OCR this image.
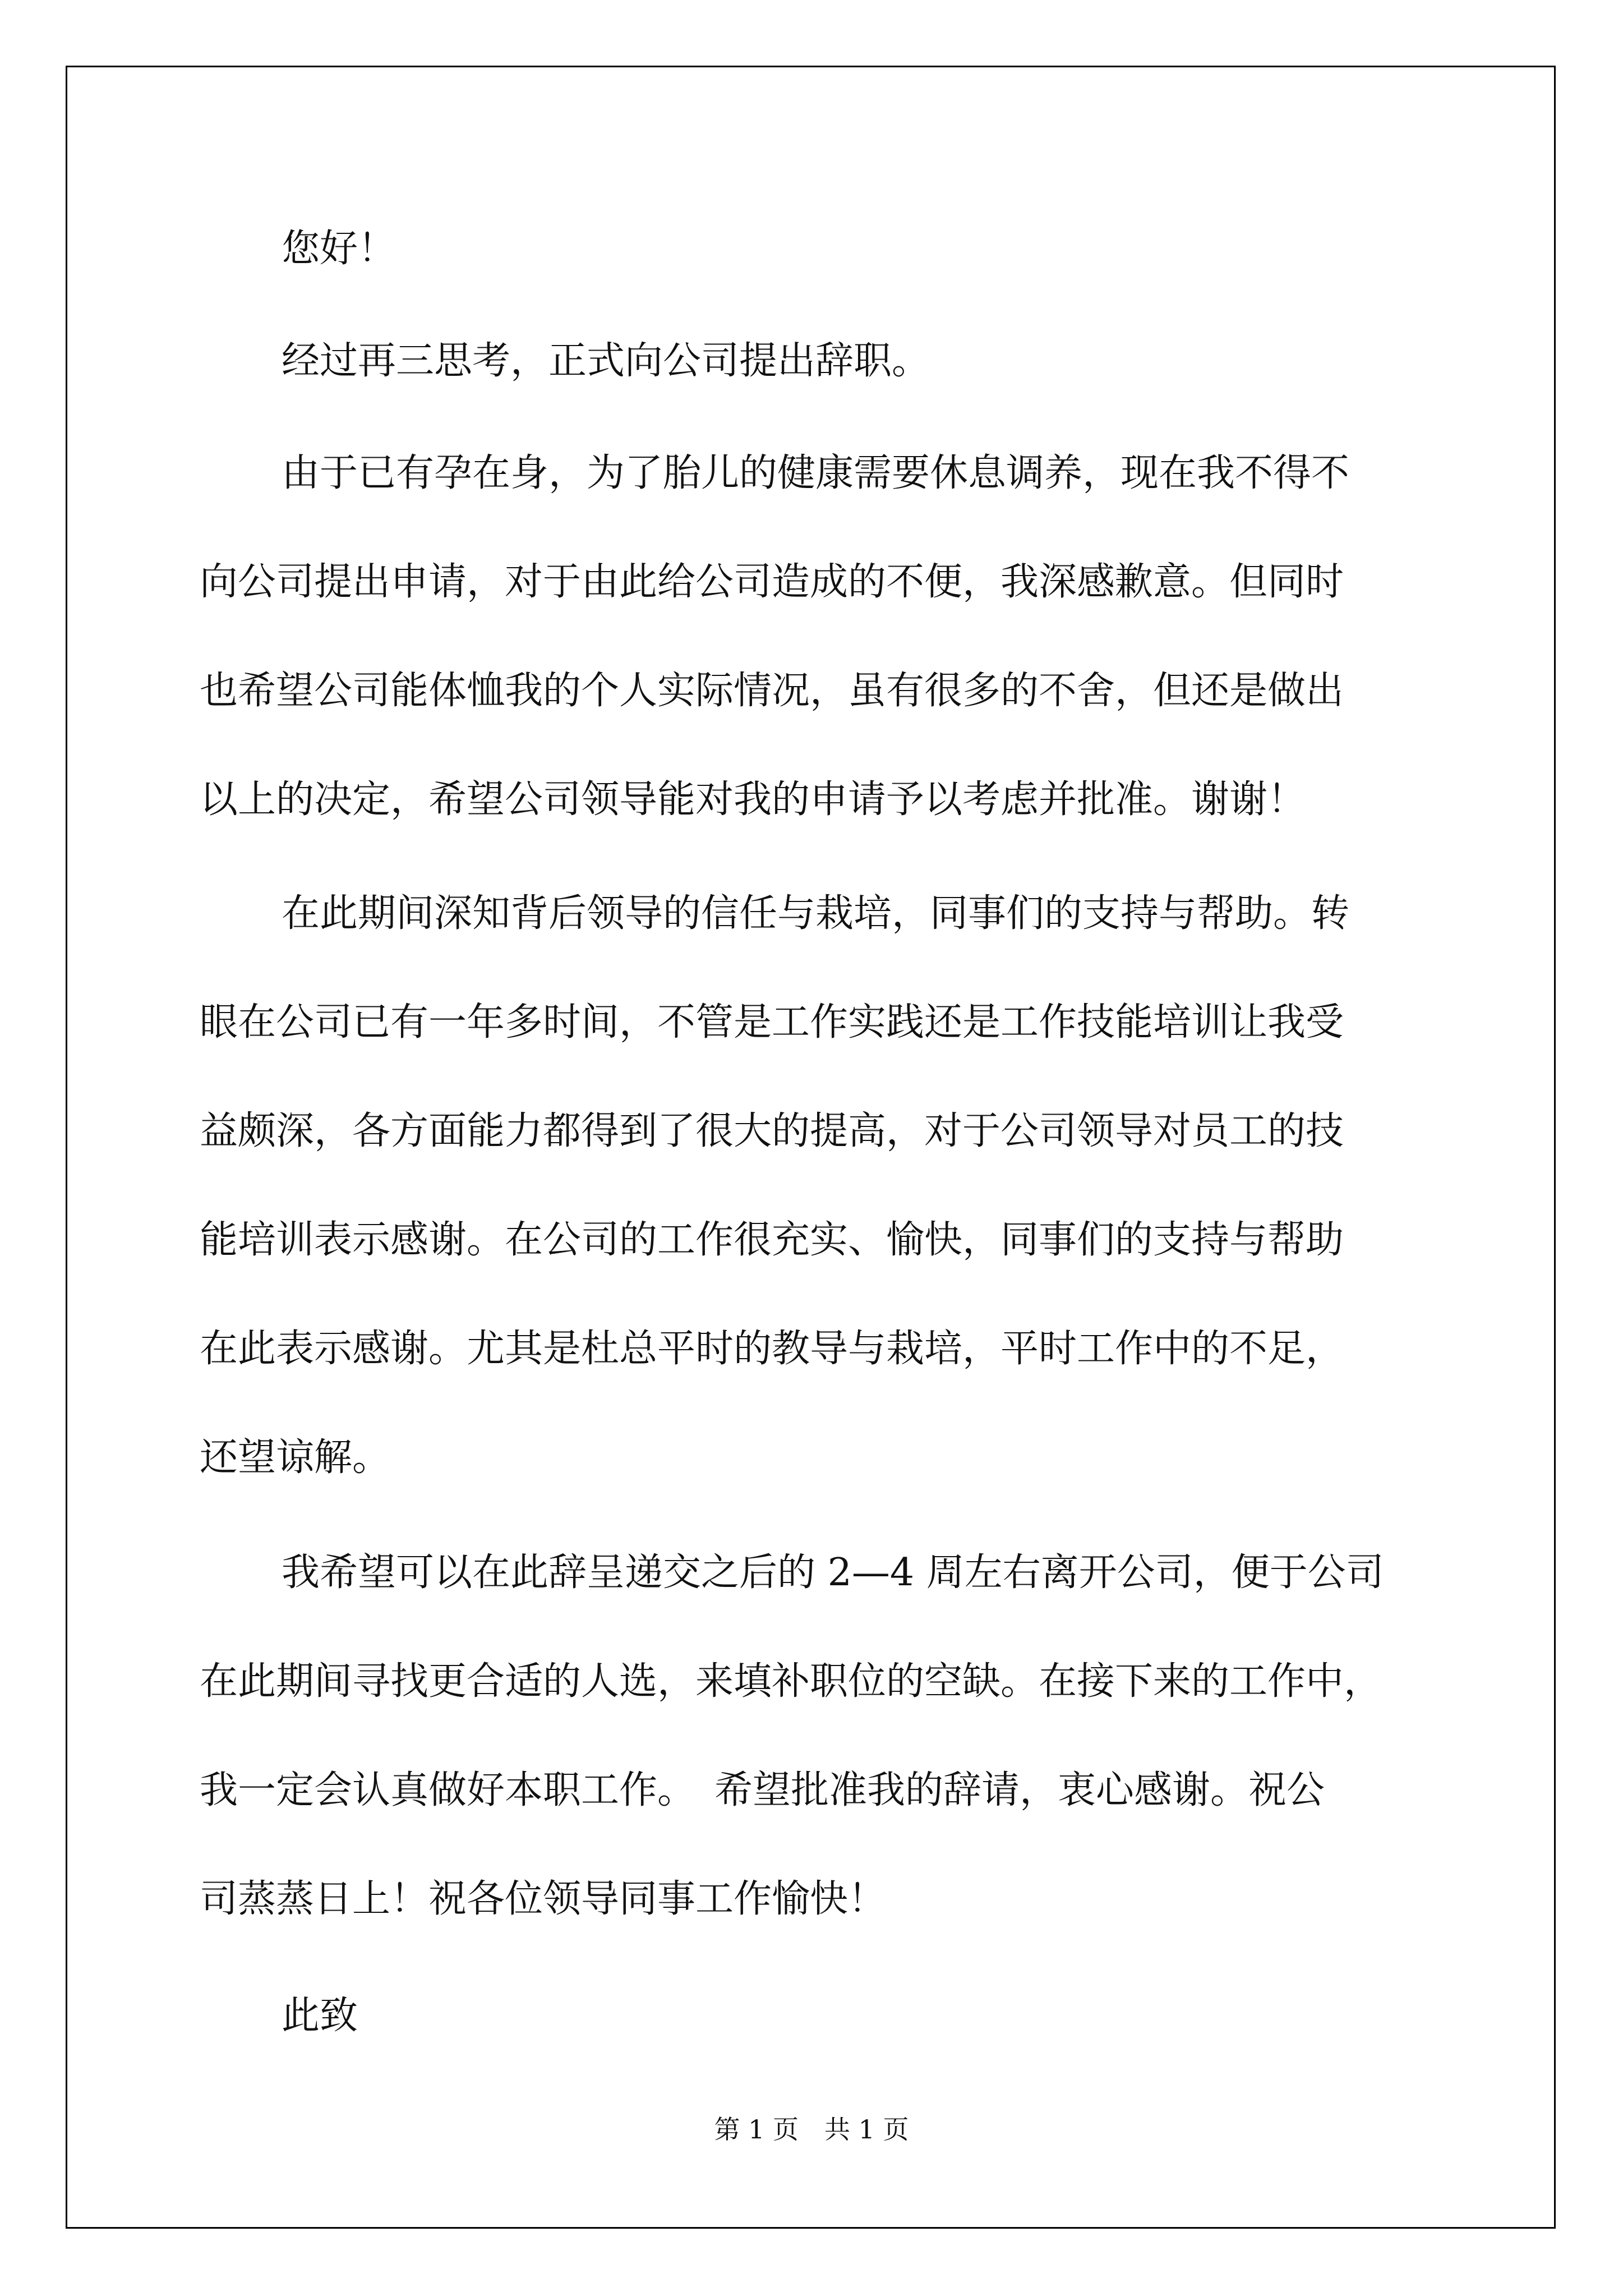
您好！
经过再三思考，正式向公司提出辞职。
由于已有孕在身，为了胎儿的健康需要休息调养，现在我不得不
向公司提出申请，对于由此给公司造成的不便，我深感歉意。但同时
也希望公司能体恤我的个人实际情况，虽有很多的不舍，但还是做出
以上的决定，希望公司领导能对我的申请予以考虑并批准。谢谢！
在此期间深知背后领导的信任与栽培，同事们的支持与帮助。转
眼在公司已有一年多时间，不管是工作实践还是工作技能培训让我受
益颇深，各方面能力都得到了很大的提高，对于公司领导对员工的技
能培训表示感谢。在公司的工作很充实、愉快，同事们的支持与帮助
在此表示感谢。尤其是杜总平时的教导与栽培，平时工作中的不足，
还望谅解。
我希望可以在此辞呈递交之后的 2—4 周左右离开公司，便于公司
在此期间寻找更合适的人选，来填补职位的空缺。在接下来的工作中，
我一定会认真做好本职工作。　希望批准我的辞请，衷心感谢。祝公
司蒸蒸日上！祝各位领导同事工作愉快！
此致
第 1 页　共 1 页
